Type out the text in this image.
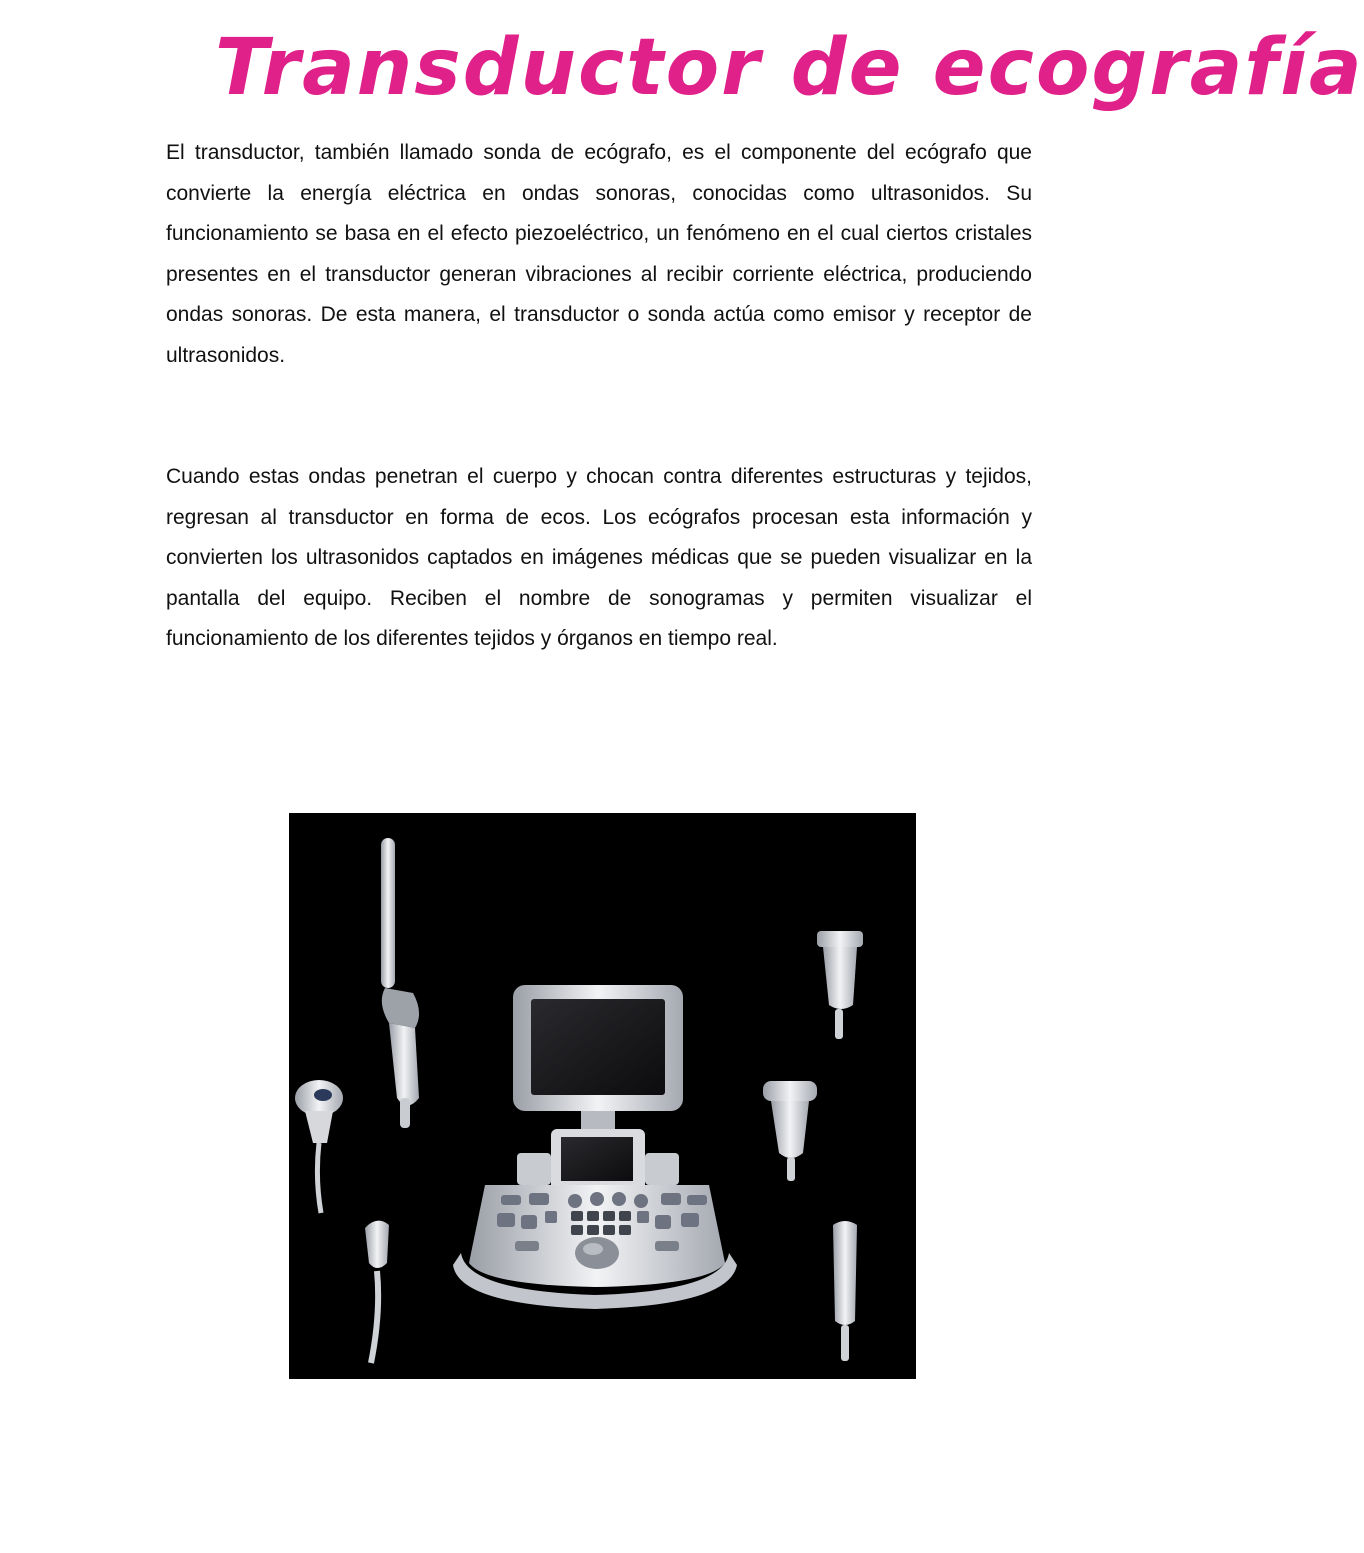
Transductor de ecografía

El transductor, también llamado sonda de ecógrafo, es el componente del ecógrafo que convierte la energía eléctrica en ondas sonoras, conocidas como ultrasonidos. Su funcionamiento se basa en el efecto piezoeléctrico, un fenómeno en el cual ciertos cristales presentes en el transductor generan vibraciones al recibir corriente eléctrica, produciendo ondas sonoras. De esta manera, el transductor o sonda actúa como emisor y receptor de ultrasonidos.

Cuando estas ondas penetran el cuerpo y chocan contra diferentes estructuras y tejidos, regresan al transductor en forma de ecos. Los ecógrafos procesan esta información y convierten los ultrasonidos captados en imágenes médicas que se pueden visualizar en la pantalla del equipo. Reciben el nombre de sonogramas y permiten visualizar el funcionamiento de los diferentes tejidos y órganos en tiempo real.
